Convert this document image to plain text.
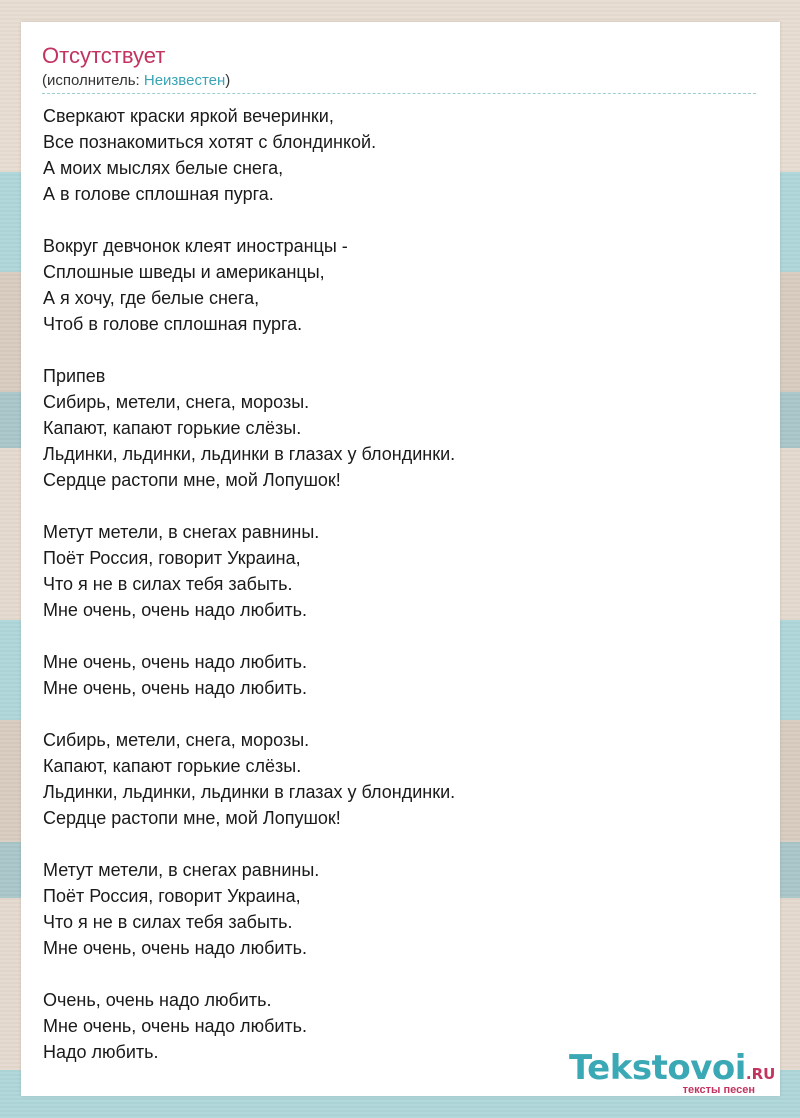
Отсутствует
(исполнитель: Неизвестен)
Сверкают краски яркой вечеринки,
Все познакомиться хотят с блондинкой.
А моих мыслях белые снега,
А в голове сплошная пурга.

Вокруг девчонок клеят иностранцы -
Сплошные шведы и американцы,
А я хочу, где белые снега,
Чтоб в голове сплошная пурга.

Припев
Сибирь, метели, снега, морозы.
Капают, капают горькие слёзы.
Льдинки, льдинки, льдинки в глазах у блондинки.
Сердце растопи мне, мой Лопушок!

Метут метели, в снегах равнины.
Поёт Россия, говорит Украина,
Что я не в силах тебя забыть.
Мне очень, очень надо любить.

Мне очень, очень надо любить.
Мне очень, очень надо любить.

Сибирь, метели, снега, морозы.
Капают, капают горькие слёзы.
Льдинки, льдинки, льдинки в глазах у блондинки.
Сердце растопи мне, мой Лопушок!

Метут метели, в снегах равнины.
Поёт Россия, говорит Украина,
Что я не в силах тебя забыть.
Мне очень, очень надо любить.

Очень, очень надо любить.
Мне очень, очень надо любить.
Надо любить.	Tekstovoi.RU
тексты песен
